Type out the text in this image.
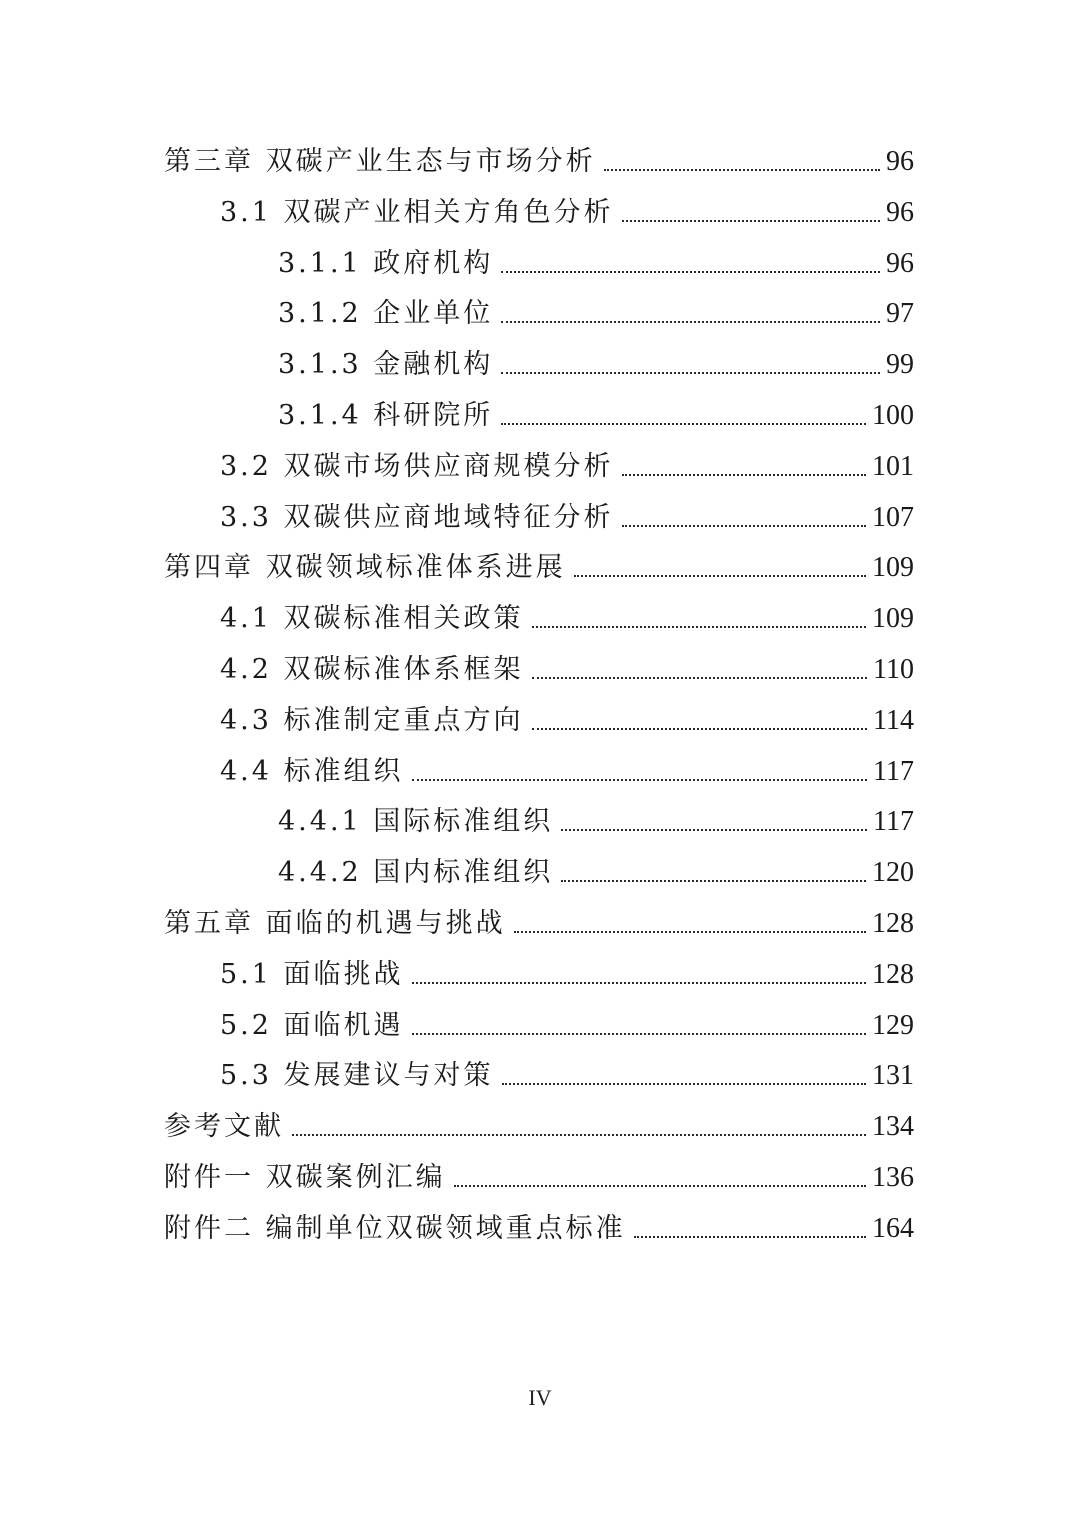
第三章 双碳产业生态与市场分析	96
3.1 双碳产业相关方角色分析	96
3.1.1 政府机构	96
3.1.2 企业单位	97
3.1.3 金融机构	99
3.1.4 科研院所	100
3.2 双碳市场供应商规模分析	101
3.3 双碳供应商地域特征分析	107
第四章 双碳领域标准体系进展	109
4.1 双碳标准相关政策	109
4.2 双碳标准体系框架	110
4.3 标准制定重点方向	114
4.4 标准组织	117
4.4.1 国际标准组织	117
4.4.2 国内标准组织	120
第五章 面临的机遇与挑战	128
5.1 面临挑战	128
5.2 面临机遇	129
5.3 发展建议与对策	131
参考文献	134
附件一 双碳案例汇编	136
附件二 编制单位双碳领域重点标准	164
IV
